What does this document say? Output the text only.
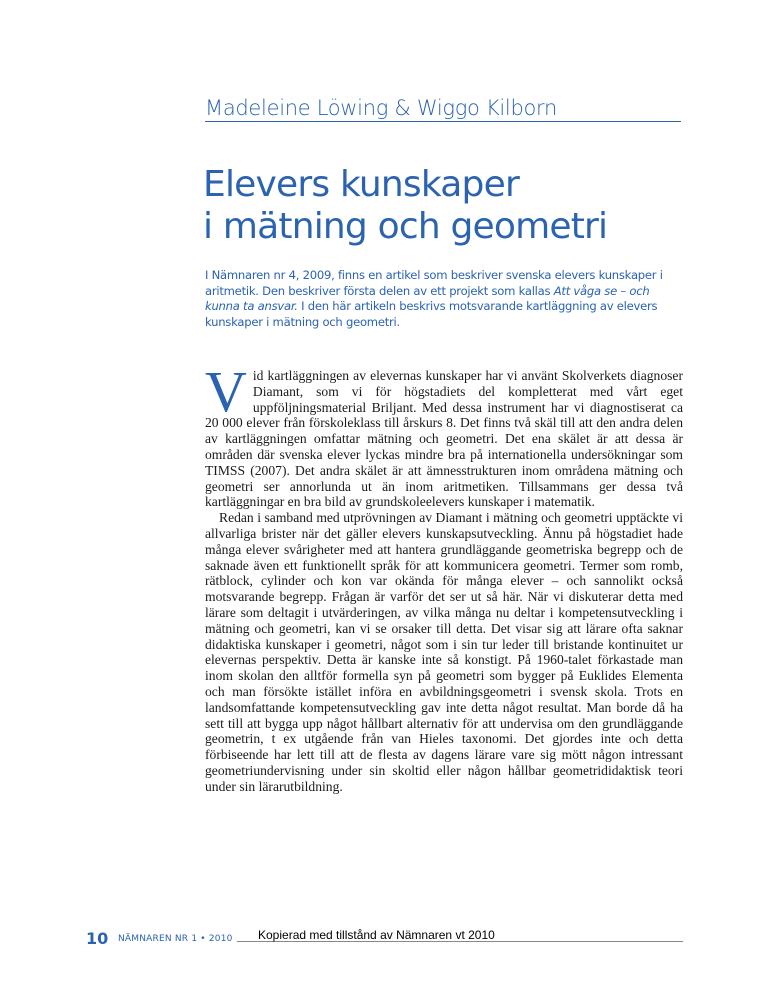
Madeleine Löwing & Wiggo Kilborn
Elevers kunskaper
i mätning och geometri

I Nämnaren nr 4, 2009, finns en artikel som beskriver svenska elevers kunskaper i aritmetik. Den beskriver första delen av ett projekt som kallas Att våga se – och kunna ta ansvar. I den här artikeln beskrivs motsvarande kartläggning av elevers kunskaper i mätning och geometri.

Vid kartläggningen av elevernas kunskaper har vi använt Skolverkets diagnoser Diamant, som vi för högstadiets del kompletterat med vårt eget uppföljningsmaterial Briljant. Med dessa instrument har vi diagnostiserat ca 20 000 elever från förskoleklass till årskurs 8. Det finns två skäl till att den andra delen av kartläggningen omfattar mätning och geometri. Det ena skälet är att dessa är områden där svenska elever lyckas mindre bra på internationella undersökningar som TIMSS (2007). Det andra skälet är att ämnesstrukturen inom områdena mätning och geometri ser annorlunda ut än inom aritmetiken. Tillsammans ger dessa två kartläggningar en bra bild av grundskoleelevers kunskaper i matematik.

Redan i samband med utprövningen av Diamant i mätning och geometri upptäckte vi allvarliga brister när det gäller elevers kunskapsutveckling. Ännu på högstadiet hade många elever svårigheter med att hantera grundläggande geometriska begrepp och de saknade även ett funktionellt språk för att kommunicera geometri. Termer som romb, rätblock, cylinder och kon var okända för många elever – och sannolikt också motsvarande begrepp. Frågan är varför det ser ut så här. När vi diskuterar detta med lärare som deltagit i utvärderingen, av vilka många nu deltar i kompetensutveckling i mätning och geometri, kan vi se orsaker till detta. Det visar sig att lärare ofta saknar didaktiska kunskaper i geometri, något som i sin tur leder till bristande kontinuitet ur elevernas perspektiv. Detta är kanske inte så konstigt. På 1960-talet förkastade man inom skolan den alltför formella syn på geometri som bygger på Euklides Elementa och man försökte istället införa en avbildningsgeometri i svensk skola. Trots en landsomfattande kompetensutveckling gav inte detta något resultat. Man borde då ha sett till att bygga upp något hållbart alternativ för att undervisa om den grundläggande geometrin, t ex utgående från van Hieles taxonomi. Det gjordes inte och detta förbiseende har lett till att de flesta av dagens lärare vare sig mött någon intressant geometriundervisning under sin skoltid eller någon hållbar geometrididaktisk teori under sin lärarutbildning.

10 NÄMNAREN NR 1 • 2010 Kopierad med tillstånd av Nämnaren vt 2010
